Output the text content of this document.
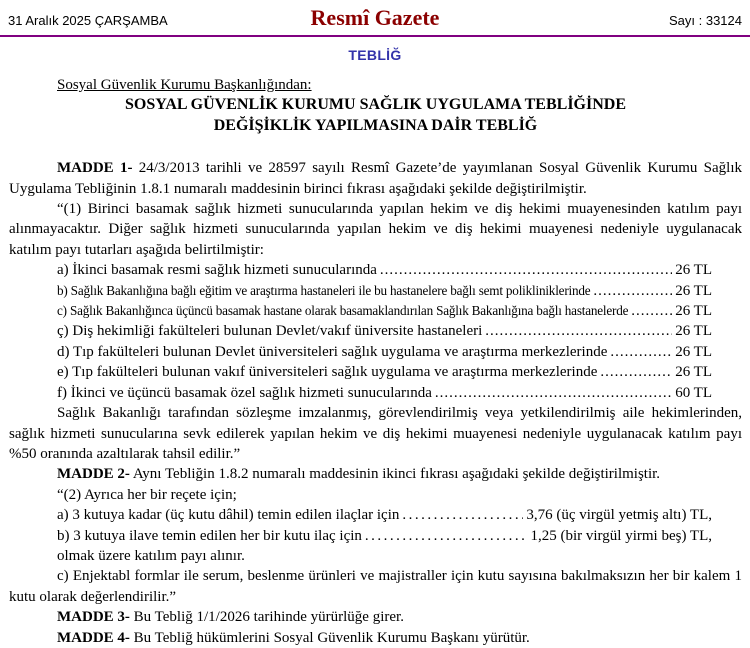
31 Aralık 2025 ÇARŞAMBA	Resmî Gazete	Sayı : 33124
TEBLİĞ
Sosyal Güvenlik Kurumu Başkanlığından:
SOSYAL GÜVENLİK KURUMU SAĞLIK UYGULAMA TEBLİĞİNDE
DEĞİŞİKLİK YAPILMASINA DAİR TEBLİĞ

MADDE 1- 24/3/2013 tarihli ve 28597 sayılı Resmî Gazete’de yayımlanan Sosyal Güvenlik Kurumu Sağlık Uygulama Tebliğinin 1.8.1 numaralı maddesinin birinci fıkrası aşağıdaki şekilde değiştirilmiştir.

“(1) Birinci basamak sağlık hizmeti sunucularında yapılan hekim ve diş hekimi muayenesinden katılım payı alınmayacaktır. Diğer sağlık hizmeti sunucularında yapılan hekim ve diş hekimi muayenesi nedeniyle uygulanacak katılım payı tutarları aşağıda belirtilmiştir:

a) İkinci basamak resmi sağlık hizmeti sunucularında .....	26 TL
b) Sağlık Bakanlığına bağlı eğitim ve araştırma hastaneleri ile bu hastanelere bağlı semt polikliniklerinde .....	26 TL
c) Sağlık Bakanlığınca üçüncü basamak hastane olarak basamaklandırılan Sağlık Bakanlığına bağlı hastanelerde .....	26 TL
ç) Diş hekimliği fakülteleri bulunan Devlet/vakıf üniversite hastaneleri .....	26 TL
d) Tıp fakülteleri bulunan Devlet üniversiteleri sağlık uygulama ve araştırma merkezlerinde .....	26 TL
e) Tıp fakülteleri bulunan vakıf üniversiteleri sağlık uygulama ve araştırma merkezlerinde .....	26 TL
f) İkinci ve üçüncü basamak özel sağlık hizmeti sunucularında .....	60 TL

Sağlık Bakanlığı tarafından sözleşme imzalanmış, görevlendirilmiş veya yetkilendirilmiş aile hekimlerinden, sağlık hizmeti sunucularına sevk edilerek yapılan hekim ve diş hekimi muayenesi nedeniyle uygulanacak katılım payı %50 oranında azaltılarak tahsil edilir.”

MADDE 2- Aynı Tebliğin 1.8.2 numaralı maddesinin ikinci fıkrası aşağıdaki şekilde değiştirilmiştir.

“(2) Ayrıca her bir reçete için;

a) 3 kutuya kadar (üç kutu dâhil) temin edilen ilaçlar için .....	3,76 (üç virgül yetmiş altı) TL,
b) 3 kutuya ilave temin edilen her bir kutu ilaç için .....	1,25 (bir virgül yirmi beş) TL,

olmak üzere katılım payı alınır.

c) Enjektabl formlar ile serum, beslenme ürünleri ve majistraller için kutu sayısına bakılmaksızın her bir kalem 1 kutu olarak değerlendirilir.”

MADDE 3- Bu Tebliğ 1/1/2026 tarihinde yürürlüğe girer.

MADDE 4- Bu Tebliğ hükümlerini Sosyal Güvenlik Kurumu Başkanı yürütür.
